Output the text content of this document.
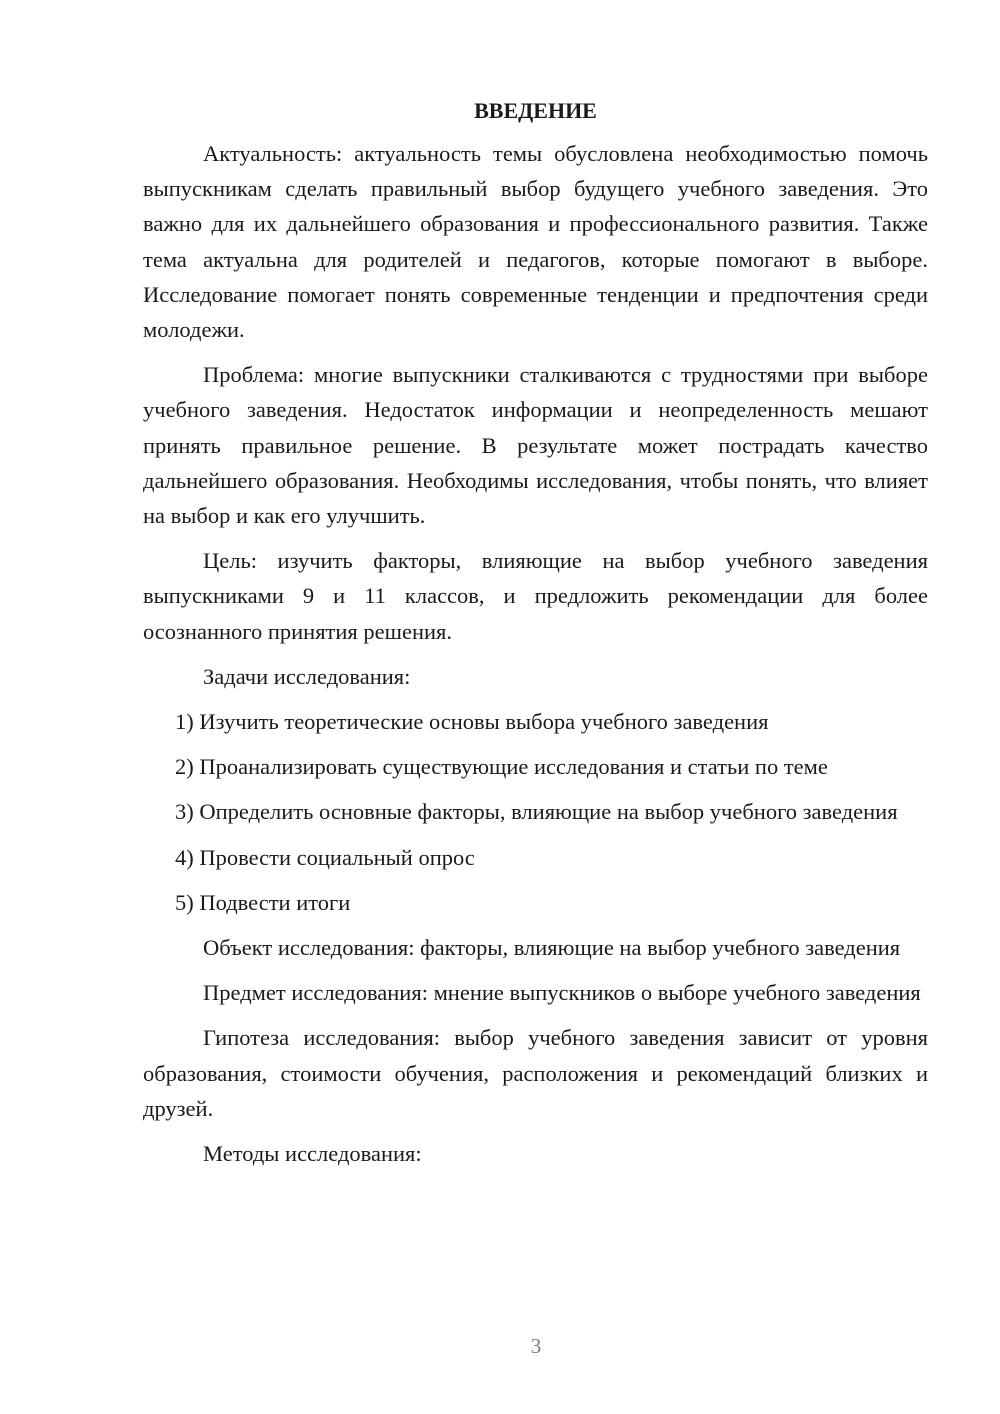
ВВЕДЕНИЕ

Актуальность: актуальность темы обусловлена необходимостью помочь выпускникам сделать правильный выбор будущего учебного заведения. Это важно для их дальнейшего образования и профессионального развития. Также тема актуальна для родителей и педагогов, которые помогают в выборе. Исследование помогает понять современные тенденции и предпочтения среди молодежи.

Проблема: многие выпускники сталкиваются с трудностями при выборе учебного заведения. Недостаток информации и неопределенность мешают принять правильное решение. В результате может пострадать качество дальнейшего образования. Необходимы исследования, чтобы понять, что влияет на выбор и как его улучшить.

Цель: изучить факторы, влияющие на выбор учебного заведения выпускниками 9 и 11 классов, и предложить рекомендации для более осознанного принятия решения.

Задачи исследования:

1) Изучить теоретические основы выбора учебного заведения

2) Проанализировать существующие исследования и статьи по теме

3) Определить основные факторы, влияющие на выбор учебного заведения

4) Провести социальный опрос

5) Подвести итоги

Объект исследования: факторы, влияющие на выбор учебного заведения

Предмет исследования: мнение выпускников о выборе учебного заведения

Гипотеза исследования: выбор учебного заведения зависит от уровня образования, стоимости обучения, расположения и рекомендаций близких и друзей.

Методы исследования:

3
